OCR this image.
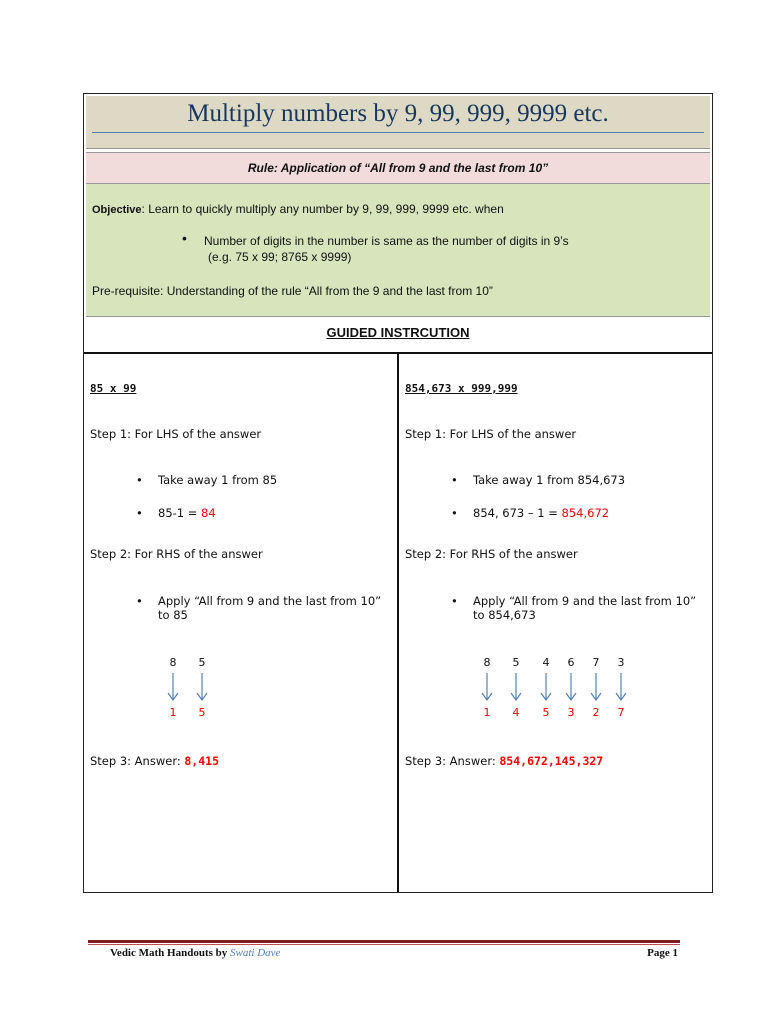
Multiply numbers by 9, 99, 999, 9999 etc.
Rule: Application of “All from 9 and the last from 10”
Objective: Learn to quickly multiply any number by 9, 99, 999, 9999 etc. when
• Number of digits in the number is same as the number of digits in 9’s
(e.g. 75 x 99; 8765 x 9999)
Pre-requisite: Understanding of the rule “All from the 9 and the last from 10”
GUIDED INSTRCUTION
85 x 99
Step 1: For LHS of the answer
• Take away 1 from 85
• 85-1 = 84
Step 2: For RHS of the answer
• Apply “All from 9 and the last from 10”
to 85
8
1
5
5
Step 3: Answer: 8,415
854,673 x 999,999
Step 1: For LHS of the answer
• Take away 1 from 854,673
• 854, 673 – 1 = 854,672
Step 2: For RHS of the answer
• Apply “All from 9 and the last from 10”
to 854,673
8
1
5
4
4
5
6
3
7
2
3
7
Step 3: Answer: 854,672,145,327
Vedic Math Handouts by Swati Dave	Page 1
